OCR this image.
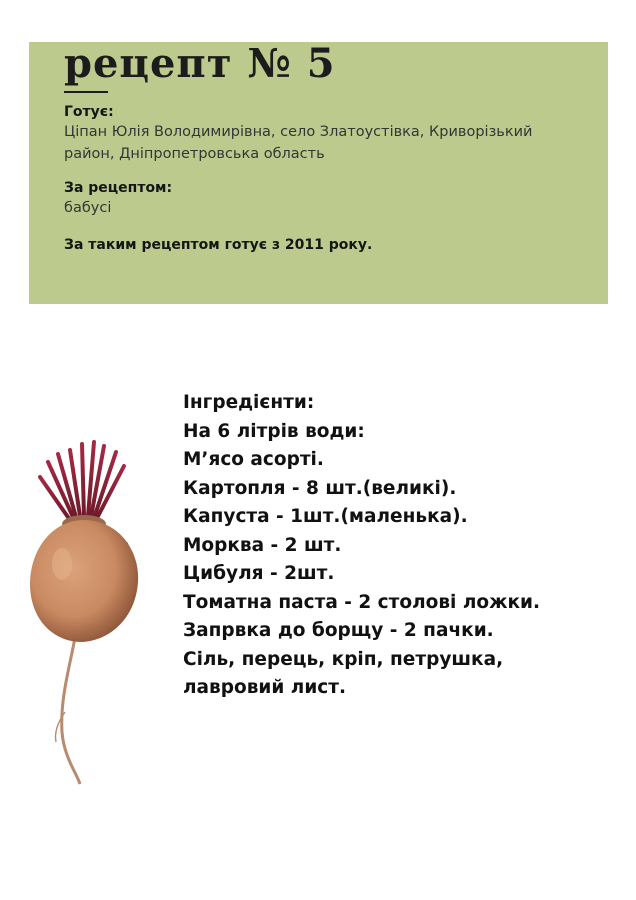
рецепт № 5
Готує:
Ціпан Юлія Володимирівна, село Златоустівка, Криворізький район, Дніпропетровська область
За рецептом:
бабусі
За таким рецептом готує з 2011 року.
Інгредієнти:
На 6 літрів води:
М’ясо асорті.
Картопля - 8 шт.(великі).
Капуста - 1шт.(маленька).
Морква - 2 шт.
Цибуля - 2шт.
Томатна паста - 2 столові ложки.
Запрвка до борщу - 2 пачки.
Сіль, перець, кріп, петрушка,
лавровий лист.
